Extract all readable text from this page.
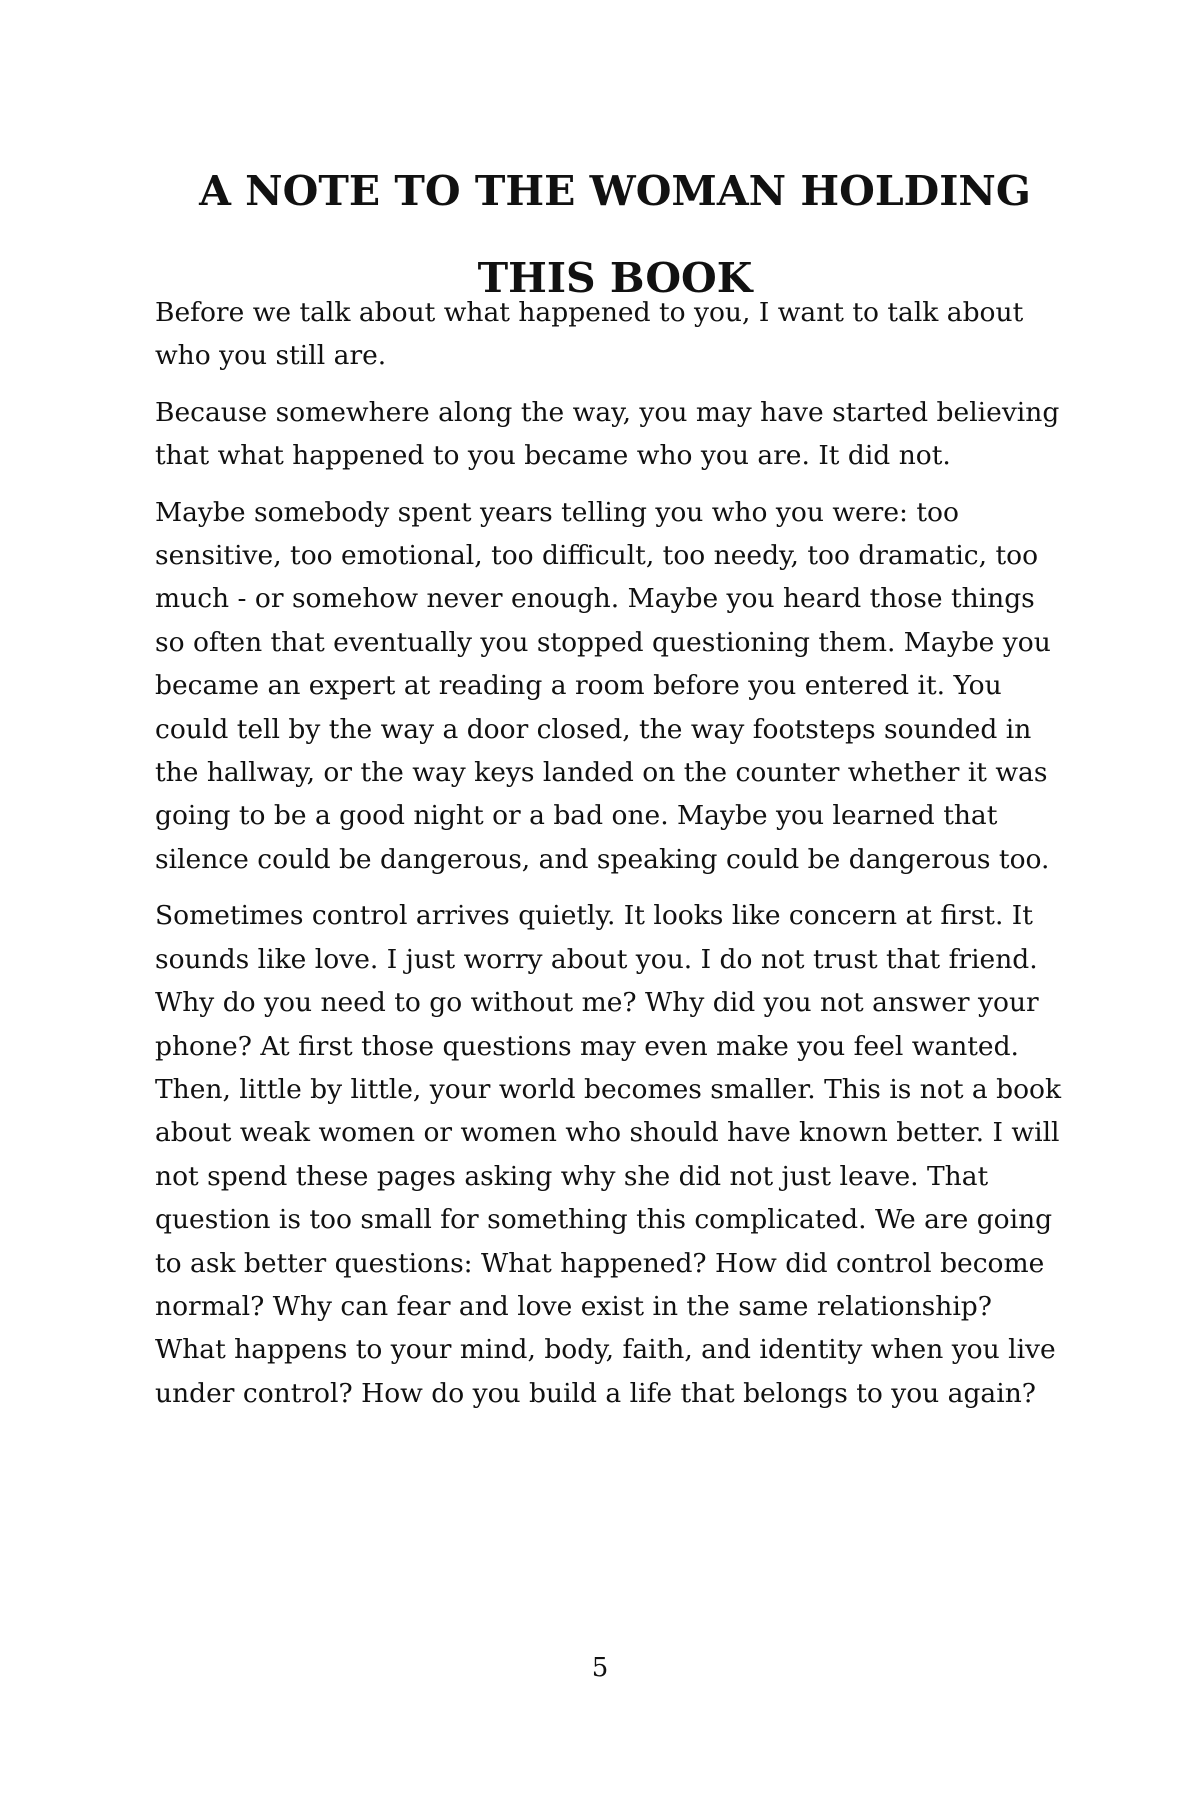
A NOTE TO THE WOMAN HOLDING
THIS BOOK

Before we talk about what happened to you, I want to talk about who you still are.

Because somewhere along the way, you may have started believing that what happened to you became who you are. It did not.

Maybe somebody spent years telling you who you were: too sensitive, too emotional, too difficult, too needy, too dramatic, too much - or somehow never enough. Maybe you heard those things so often that eventually you stopped questioning them. Maybe you became an expert at reading a room before you entered it. You could tell by the way a door closed, the way footsteps sounded in the hallway, or the way keys landed on the counter whether it was going to be a good night or a bad one. Maybe you learned that silence could be dangerous, and speaking could be dangerous too.

Sometimes control arrives quietly. It looks like concern at first. It sounds like love. I just worry about you. I do not trust that friend. Why do you need to go without me? Why did you not answer your phone? At first those questions may even make you feel wanted. Then, little by little, your world becomes smaller. This is not a book about weak women or women who should have known better. I will not spend these pages asking why she did not just leave. That question is too small for something this complicated. We are going to ask better questions: What happened? How did control become normal? Why can fear and love exist in the same relationship? What happens to your mind, body, faith, and identity when you live under control? How do you build a life that belongs to you again?

5
